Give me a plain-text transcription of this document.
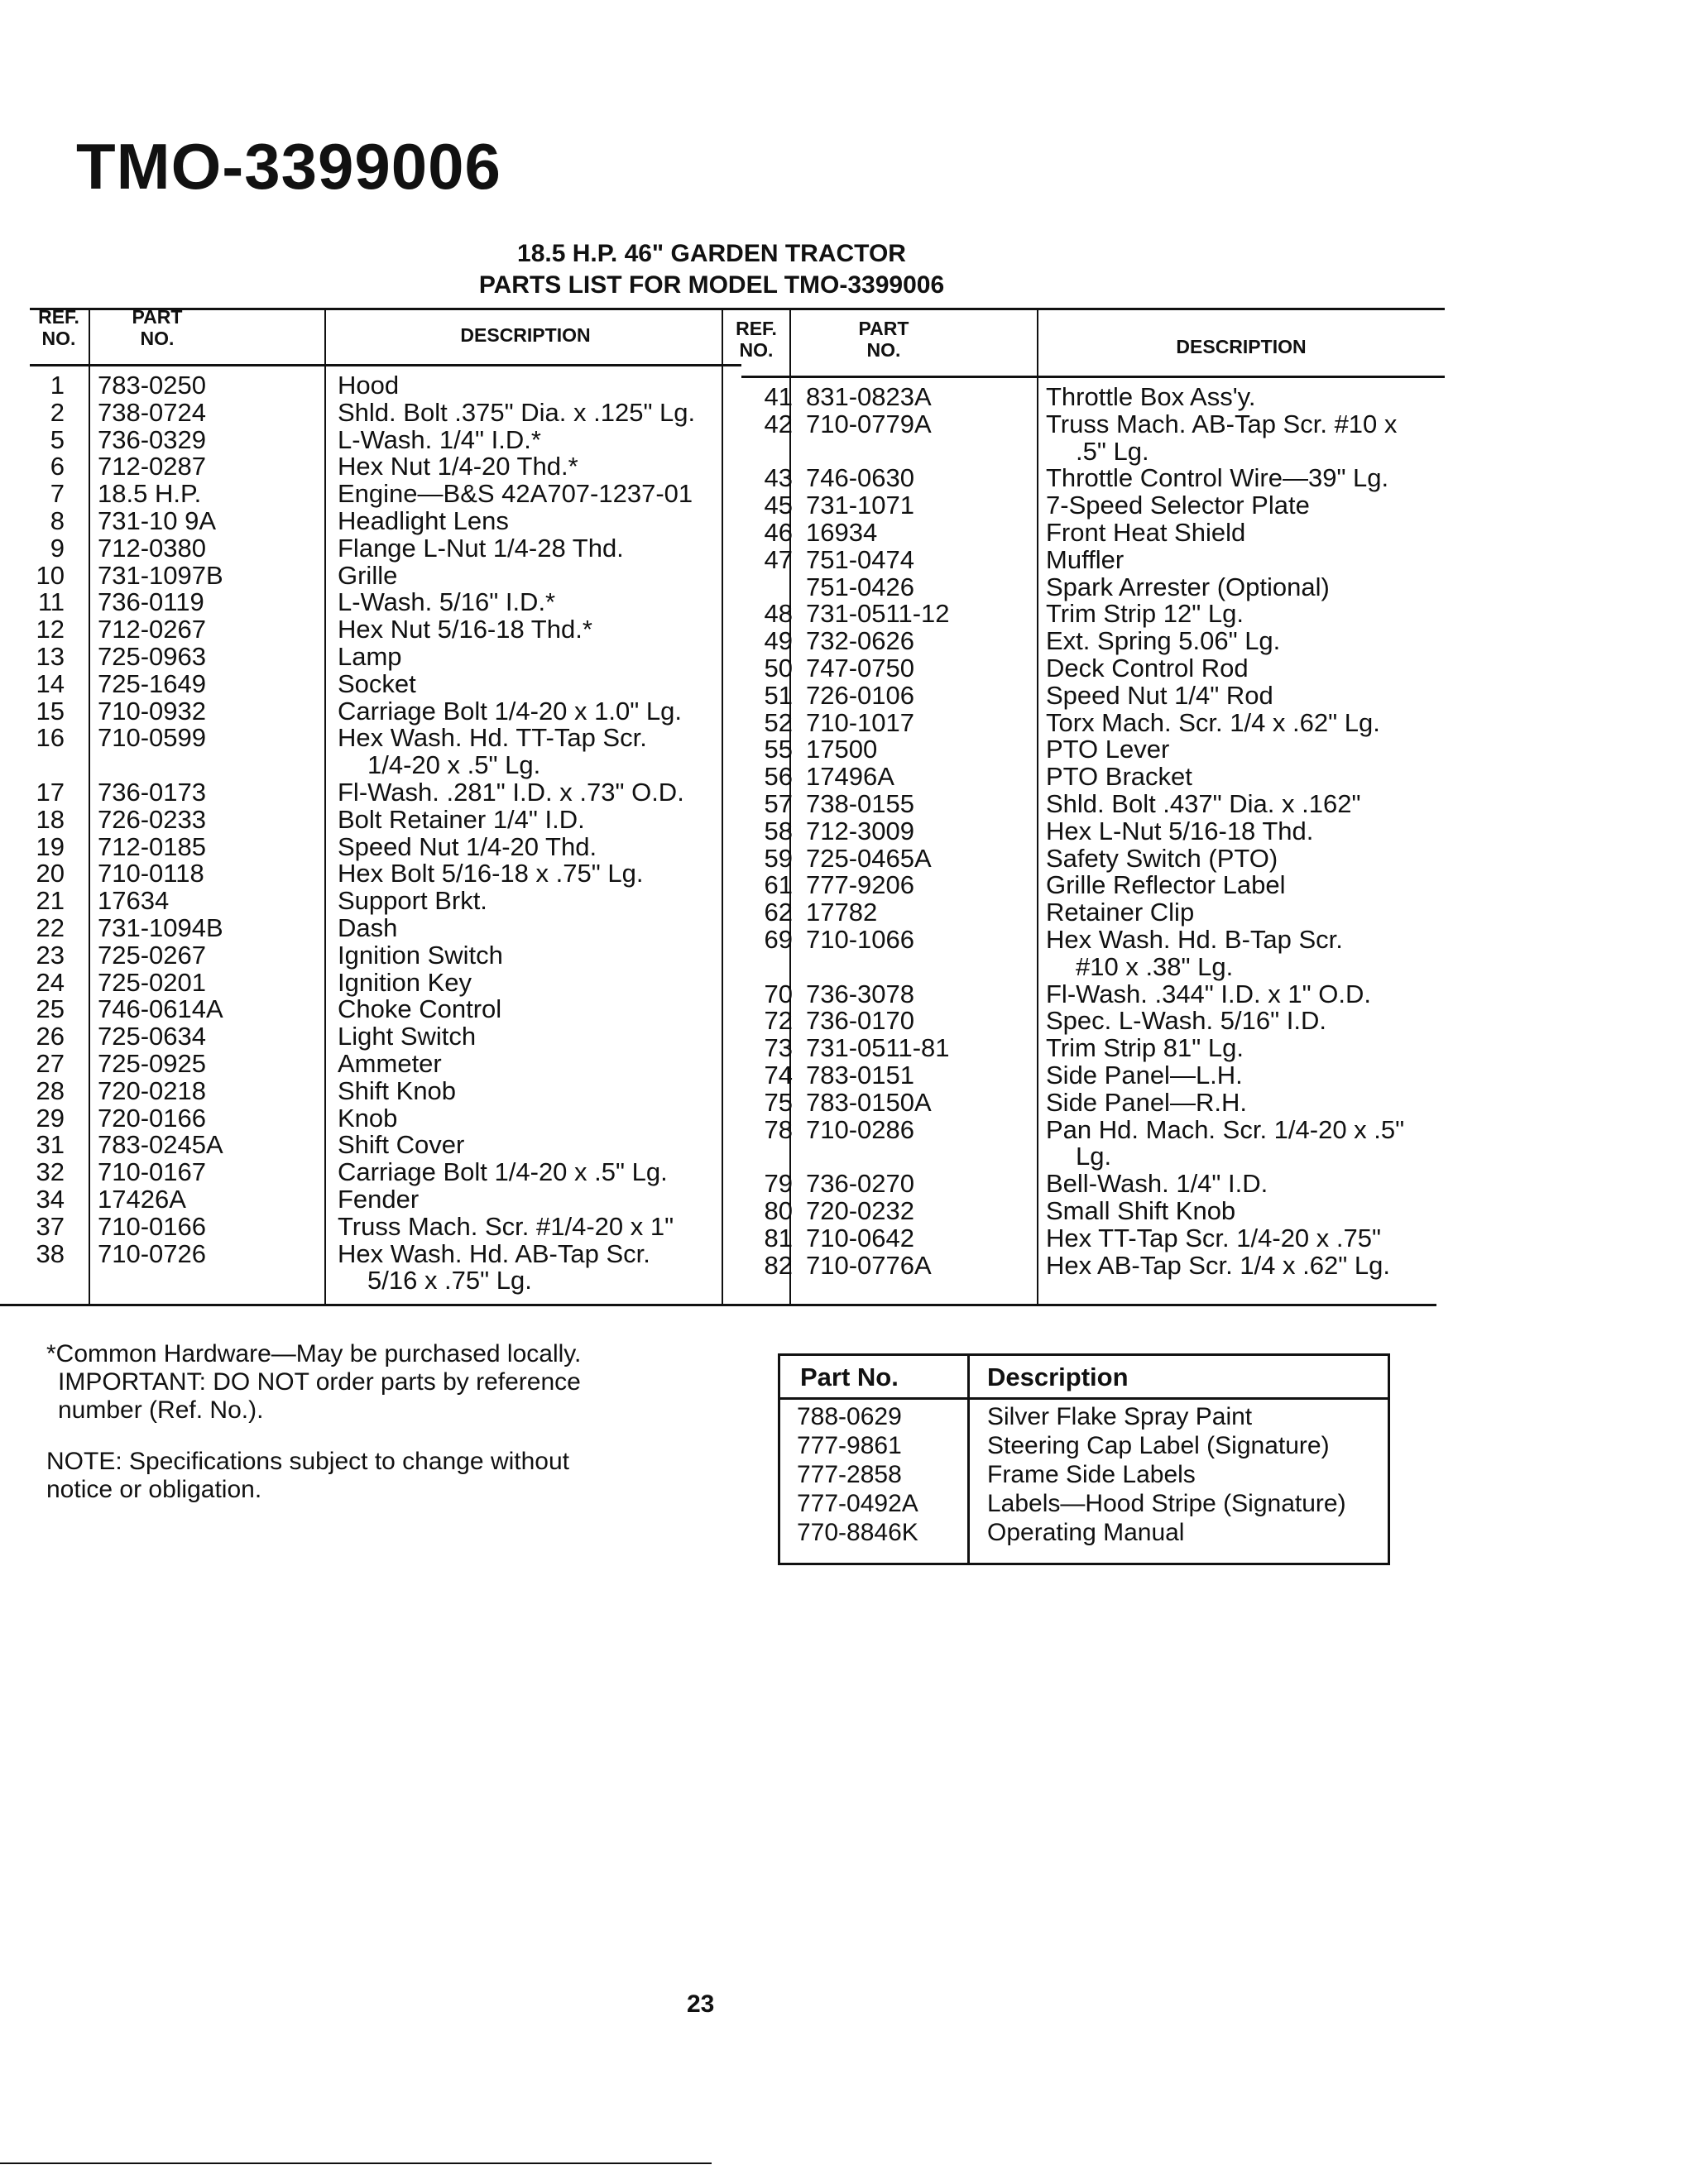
TMO-3399006
18.5 H.P. 46" GARDEN TRACTOR
PARTS LIST FOR MODEL TMO-3399006
REF.
NO.
PART
NO.	DESCRIPTION	REF.
NO.
PART
NO.	DESCRIPTION
1 783-0250	Hood
2 738-0724	Shld. Bolt .375" Dia. x .125" Lg.
5 736-0329	L-Wash. 1/4" I.D.*
6 712-0287	Hex Nut 1/4-20 Thd.*
7 18.5 H.P.	Engine—B&S 42A707-1237-01
8 731-10 9A	Headlight Lens
9 712-0380	Flange L-Nut 1/4-28 Thd.
10 731-1097B	Grille
11 736-0119	L-Wash. 5/16" I.D.*
12 712-0267	Hex Nut 5/16-18 Thd.*
13 725-0963	Lamp
14 725-1649	Socket
15 710-0932	Carriage Bolt 1/4-20 x 1.0" Lg.
16 710-0599	Hex Wash. Hd. TT-Tap Scr.
1/4-20 x .5" Lg.
17 736-0173	Fl-Wash. .281" I.D. x .73" O.D.
18 726-0233	Bolt Retainer 1/4" I.D.
19 712-0185	Speed Nut 1/4-20 Thd.
20 710-0118	Hex Bolt 5/16-18 x .75" Lg.
21 17634	Support Brkt.
22 731-1094B	Dash
23 725-0267	Ignition Switch
24 725-0201	Ignition Key
25 746-0614A	Choke Control
26 725-0634	Light Switch
27 725-0925	Ammeter
28 720-0218	Shift Knob
29 720-0166	Knob
31 783-0245A	Shift Cover
32 710-0167	Carriage Bolt 1/4-20 x .5" Lg.
34 17426A	Fender
37 710-0166	Truss Mach. Scr. #1/4-20 x 1"
38 710-0726	Hex Wash. Hd. AB-Tap Scr.
5/16 x .75" Lg.
41 831-0823A	Throttle Box Ass'y.
42 710-0779A	Truss Mach. AB-Tap Scr. #10 x
.5" Lg.
43 746-0630	Throttle Control Wire—39" Lg.
45 731-1071	7-Speed Selector Plate
46 16934	Front Heat Shield
47 751-0474	Muffler
751-0426	Spark Arrester (Optional)
48 731-0511-12	Trim Strip 12" Lg.
49 732-0626	Ext. Spring 5.06" Lg.
50 747-0750	Deck Control Rod
51 726-0106	Speed Nut 1/4" Rod
52 710-1017	Torx Mach. Scr. 1/4 x .62" Lg.
55 17500	PTO Lever
56 17496A	PTO Bracket
57 738-0155	Shld. Bolt .437" Dia. x .162"
58 712-3009	Hex L-Nut 5/16-18 Thd.
59 725-0465A	Safety Switch (PTO)
61 777-9206	Grille Reflector Label
62 17782	Retainer Clip
69 710-1066	Hex Wash. Hd. B-Tap Scr.
#10 x .38" Lg.
70 736-3078	Fl-Wash. .344" I.D. x 1" O.D.
72 736-0170	Spec. L-Wash. 5/16" I.D.
73 731-0511-81	Trim Strip 81" Lg.
74 783-0151	Side Panel—L.H.
75 783-0150A	Side Panel—R.H.
78 710-0286	Pan Hd. Mach. Scr. 1/4-20 x .5"
Lg.
79 736-0270	Bell-Wash. 1/4" I.D.
80 720-0232	Small Shift Knob
81 710-0642	Hex TT-Tap Scr. 1/4-20 x .75"
82 710-0776A	Hex AB-Tap Scr. 1/4 x .62" Lg.

*Common Hardware—May be purchased locally.

IMPORTANT: DO NOT order parts by reference

number (Ref. No.).

NOTE: Specifications subject to change without

notice or obligation.

Part No.	Description
788-0629	Silver Flake Spray Paint
777-9861	Steering Cap Label (Signature)
777-2858	Frame Side Labels
777-0492A	Labels—Hood Stripe (Signature)
770-8846K	Operating Manual
23
